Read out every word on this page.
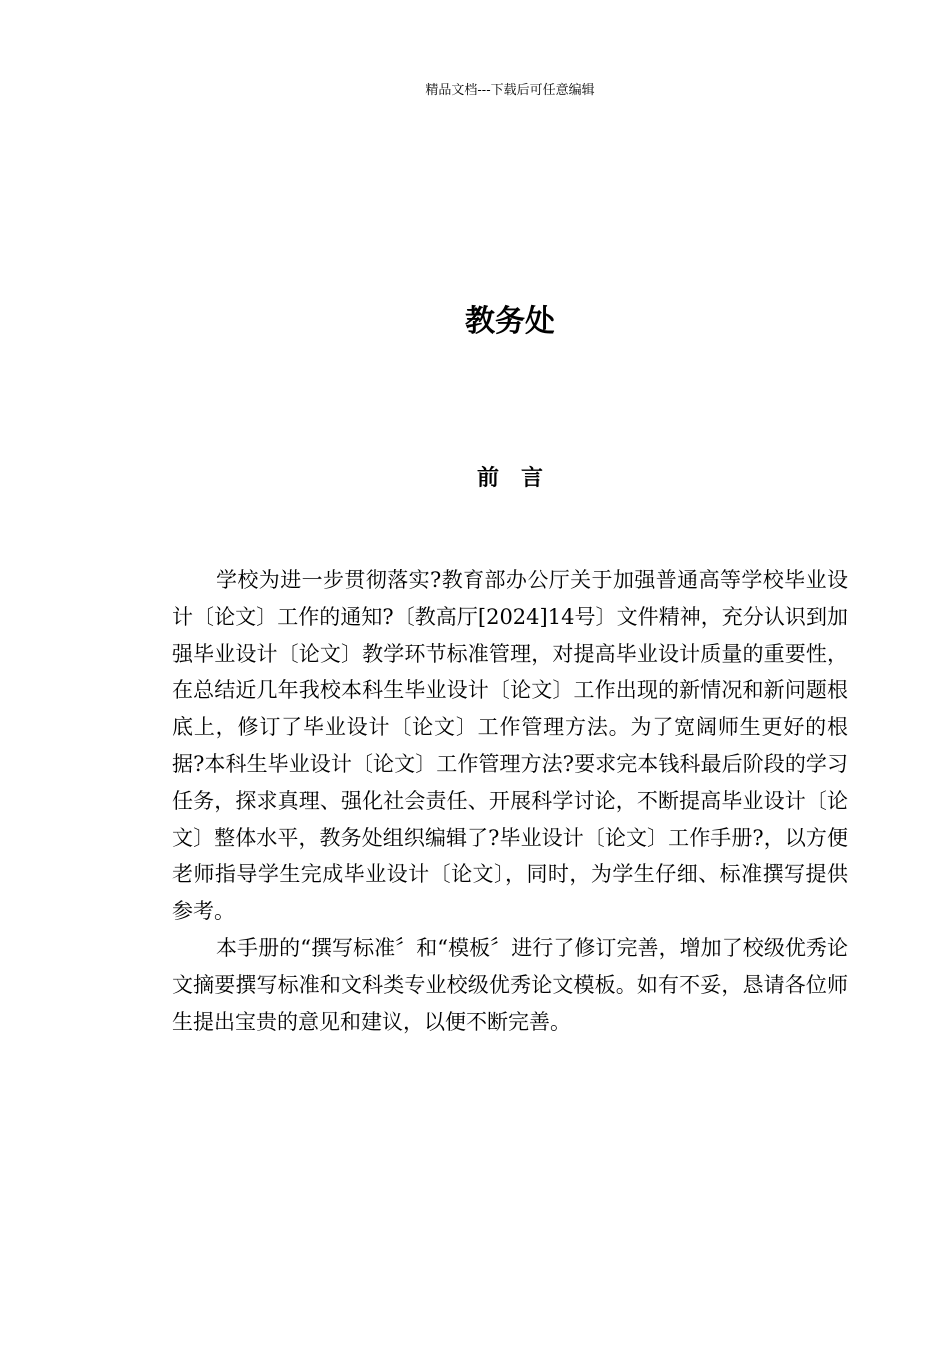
精品文档---下载后可任意编辑
教务处
前　言

学校为进一步贯彻落实?教育部办公厅关于加强普通高等学校毕业设计〔论文〕工作的通知?〔教高厅[2024]14号〕文件精神，充分认识到加强毕业设计〔论文〕教学环节标准管理，对提高毕业设计质量的重要性，在总结近几年我校本科生毕业设计〔论文〕工作出现的新情况和新问题根底上，修订了毕业设计〔论文〕工作管理方法。为了宽阔师生更好的根据?本科生毕业设计〔论文〕工作管理方法?要求完本钱科最后阶段的学习任务，探求真理、强化社会责任、开展科学讨论，不断提高毕业设计〔论文〕整体水平，教务处组织编辑了?毕业设计〔论文〕工作手册?，以方便老师指导学生完成毕业设计〔论文〕，同时，为学生仔细、标准撰写提供参考。

本手册的“撰写标准〞和“模板〞进行了修订完善，增加了校级优秀论文摘要撰写标准和文科类专业校级优秀论文模板。如有不妥，恳请各位师生提出宝贵的意见和建议，以便不断完善。
